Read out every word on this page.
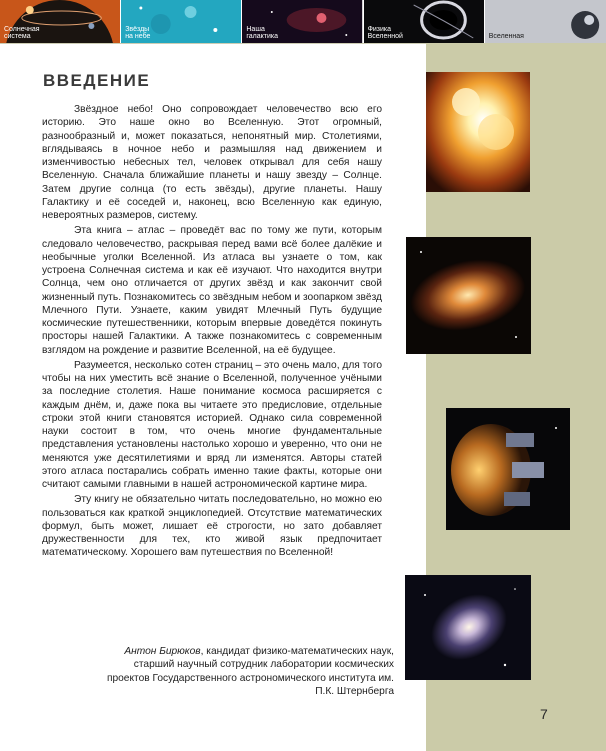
Солнечная
система
Звёзды
на небе
Наша
галактика
Физика
Вселенной	Вселенная
ВВЕДЕНИЕ

Звёздное небо! Оно сопровождает человечество всю его историю. Это наше окно во Вселенную. Этот огромный, разнообразный и, может показаться, непонятный мир. Столетиями, вглядываясь в ночное небо и размышляя над движением и изменчивостью небесных тел, человек открывал для себя нашу Вселенную. Сначала ближайшие планеты и нашу звезду – Солнце. Затем другие солнца (то есть звёзды), другие планеты. Нашу Галактику и её соседей и, наконец, всю Вселенную как единую, невероятных размеров, систему.

Эта книга – атлас – проведёт вас по тому же пути, которым следовало человечество, раскрывая перед вами всё более далёкие и необычные уголки Вселенной. Из атласа вы узнаете о том, как устроена Солнечная система и как её изучают. Что находится внутри Солнца, чем оно отличается от других звёзд и как закончит свой жизненный путь. Познакомитесь со звёздным небом и зоопарком звёзд Млечного Пути. Узнаете, каким увидят Млечный Путь будущие космические путешественники, которым впервые доведётся покинуть просторы нашей Галактики. А также познакомитесь с современным взглядом на рождение и развитие Вселенной, на её будущее.

Разумеется, несколько сотен страниц – это очень мало, для того чтобы на них уместить всё знание о Вселенной, полученное учёными за последние столетия. Наше понимание космоса расширяется с каждым днём, и, даже пока вы читаете это предисловие, отдельные строки этой книги становятся историей. Однако сила современной науки состоит в том, что очень многие фундаментальные представления установлены настолько хорошо и уверенно, что они не меняются уже десятилетиями и вряд ли изменятся. Авторы статей этого атласа постарались собрать именно такие факты, которые они считают самыми главными в нашей астрономической картине мира.

Эту книгу не обязательно читать последовательно, но можно ею пользоваться как краткой энциклопедией. Отсутствие математических формул, быть может, лишает её строгости, но зато добавляет дружественности для тех, кто живой язык предпочитает математическому. Хорошего вам путешествия по Вселенной!

Антон Бирюков, кандидат физико-математических наук, старший научный сотрудник лаборатории космических проектов Государственного астрономического института им. П.К. Штернберга
7
